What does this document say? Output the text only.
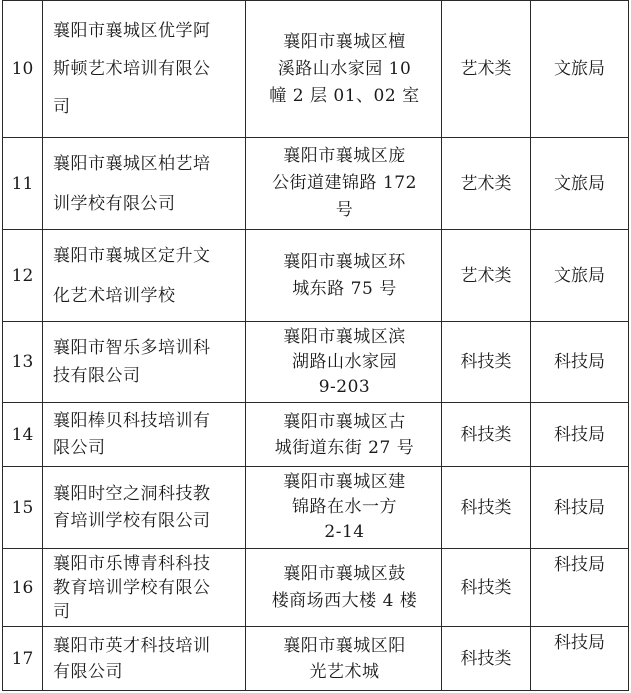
10	襄阳市襄城区优学阿
斯顿艺术培训有限公
司	襄阳市襄城区檀
溪路山水家园 10
幢 2 层 01、02 室	艺术类	文旅局
11	襄阳市襄城区柏艺培
训学校有限公司	襄阳市襄城区庞
公街道建锦路 172
号	艺术类	文旅局
12	襄阳市襄城区定升文
化艺术培训学校	襄阳市襄城区环
城东路 75 号	艺术类	文旅局
13	襄阳市智乐多培训科
技有限公司	襄阳市襄城区滨
湖路山水家园
9-203	科技类	科技局
14	襄阳棒贝科技培训有
限公司	襄阳市襄城区古
城街道东街 27 号	科技类	科技局
15	襄阳时空之洞科技教
育培训学校有限公司	襄阳市襄城区建
锦路在水一方
2-14	科技类	科技局
16	襄阳市乐博青科科技
教育培训学校有限公
司	襄阳市襄城区鼓
楼商场西大楼 4 楼	科技类	科技局
17	襄阳市英才科技培训
有限公司	襄阳市襄城区阳
光艺术城	科技类	科技局
